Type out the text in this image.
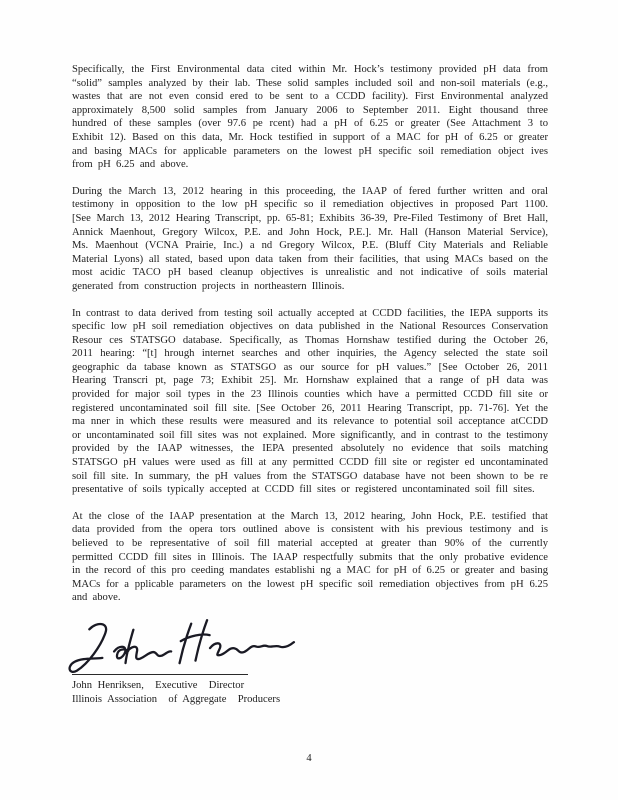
Specifically, the First Environmental data cited within Mr. Hock’s testimony provided pH data from “solid” samples analyzed by their lab. These solid samples included soil and non-soil materials (e.g., wastes that are not even consid ered to be sent to a CCDD facility). First Environmental analyzed approximately 8,500 solid samples from January 2006 to September 2011. Eight thousand three hundred of these samples (over 97.6 pe rcent) had a pH of 6.25 or greater (See Attachment 3 to Exhibit 12). Based on this data, Mr. Hock testified in support of a MAC for pH of 6.25 or greater and basing MACs for applicable parameters on the lowest pH specific soil remediation object ives from pH 6.25 and above.

During the March 13, 2012 hearing in this proceeding, the IAAP of fered further written and oral testimony in opposition to the low pH specific so il remediation objectives in proposed Part 1100. [See March 13, 2012 Hearing Transcript, pp. 65-81; Exhibits 36-39, Pre-Filed Testimony of Bret Hall, Annick Maenhout, Gregory Wilcox, P.E. and John Hock, P.E.]. Mr. Hall (Hanson Material Service), Ms. Maenhout (VCNA Prairie, Inc.) a nd Gregory Wilcox, P.E. (Bluff City Materials and Reliable Material Lyons) all stated, based upon data taken from their facilities, that using MACs based on the most acidic TACO pH based cleanup objectives is unrealistic and not indicative of soils material generated from construction projects in northeastern Illinois.

In contrast to data derived from testing soil actually accepted at CCDD facilities, the IEPA supports its specific low pH soil remediation objectives on data published in the National Resources Conservation Resour ces STATSGO database. Specifically, as Thomas Hornshaw testified during the October 26, 2011 hearing: “[t] hrough internet searches and other inquiries, the Agency selected the state soil geographic da tabase known as STATSGO as our source for pH values.” [See October 26, 2011 Hearing Transcri pt, page 73; Exhibit 25]. Mr. Hornshaw explained that a range of pH data was provided for major soil types in the 23 Illinois counties which have a permitted CCDD fill site or registered uncontaminated soil fill site. [See October 26, 2011 Hearing Transcript, pp. 71-76]. Yet the ma nner in which these results were measured and its relevance to potential soil acceptance atCCDD or uncontaminated soil fill sites was not explained. More significantly, and in contrast to the testimony provided by the IAAP witnesses, the IEPA presented absolutely no evidence that soils matching STATSGO pH values were used as fill at any permitted CCDD fill site or register ed uncontaminated soil fill site. In summary, the pH values from the STATSGO database have not been shown to be re presentative of soils typically accepted at CCDD fill sites or registered uncontaminated soil fill sites.

At the close of the IAAP presentation at the March 13, 2012 hearing, John Hock, P.E. testified that data provided from the opera tors outlined above is consistent with his previous testimony and is believed to be representative of soil fill material accepted at greater than 90% of the currently permitted CCDD fill sites in Illinois. The IAAP respectfully submits that the only probative evidence in the record of this pro ceeding mandates establishi ng a MAC for pH of 6.25 or greater and basing MACs for a pplicable parameters on the lowest pH specific soil remediation objectives from pH 6.25 and above.

John Henriksen,  Executive  Director
Illinois Association  of Aggregate  Producers
4
